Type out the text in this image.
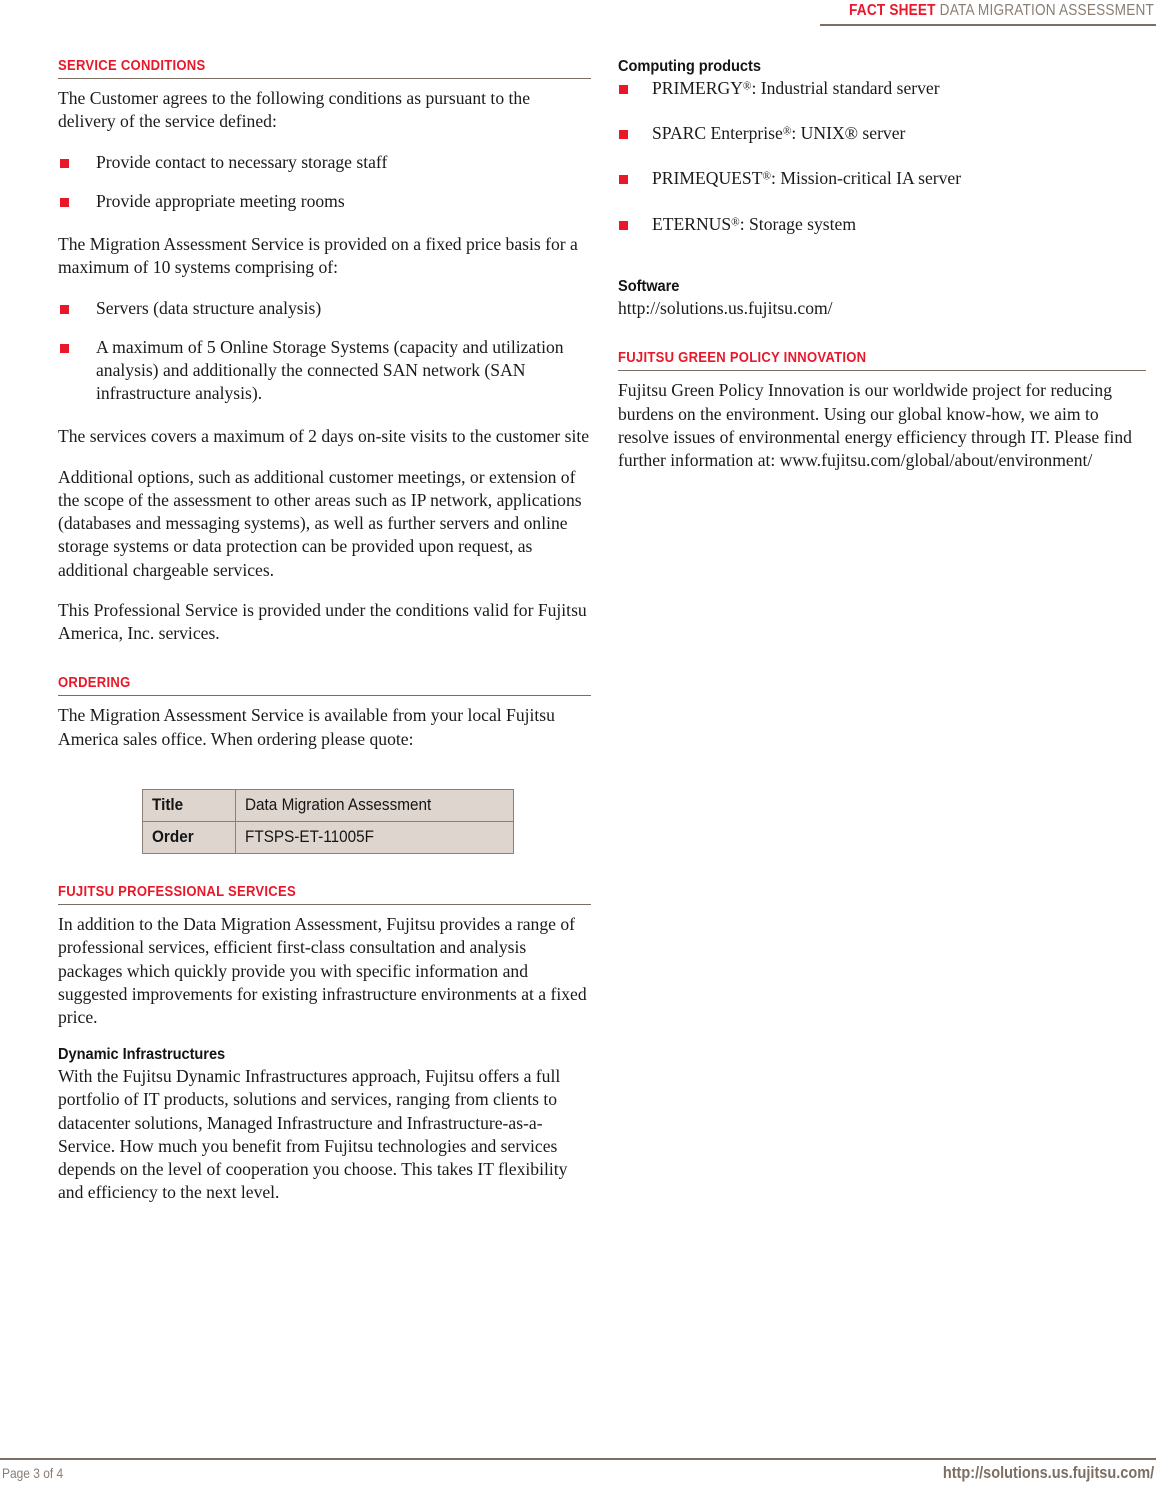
FACT SHEET DATA MIGRATION ASSESSMENT
SERVICE CONDITIONS

The Customer agrees to the following conditions as pursuant to the delivery of the service defined:

Provide contact to necessary storage staff
Provide appropriate meeting rooms

The Migration Assessment Service is provided on a fixed price basis for a maximum of 10 systems comprising of:

Servers (data structure analysis)
A maximum of 5 Online Storage Systems (capacity and utilization analysis) and additionally the connected SAN network (SAN infrastructure analysis).

The services covers a maximum of 2 days on-site visits to the customer site

Additional options, such as additional customer meetings, or extension of the scope of the assessment to other areas such as IP network, applications (databases and messaging systems), as well as further servers and online storage systems or data protection can be provided upon request, as additional chargeable services.

This Professional Service is provided under the conditions valid for Fujitsu America, Inc. services.

ORDERING

The Migration Assessment Service is available from your local Fujitsu America sales office. When ordering please quote:

Title	Data Migration Assessment
Order	FTSPS-ET-11005F
FUJITSU PROFESSIONAL SERVICES

In addition to the Data Migration Assessment, Fujitsu provides a range of professional services, efficient first-class consultation and analysis packages which quickly provide you with specific information and suggested improvements for existing infrastructure environments at a fixed price.

Dynamic Infrastructures

With the Fujitsu Dynamic Infrastructures approach, Fujitsu offers a full portfolio of IT products, solutions and services, ranging from clients to datacenter solutions, Managed Infrastructure and Infrastructure-as-a-Service. How much you benefit from Fujitsu technologies and services depends on the level of cooperation you choose. This takes IT flexibility and efficiency to the next level.

Computing products
PRIMERGY®: Industrial standard server
SPARC Enterprise®: UNIX® server
PRIMEQUEST®: Mission-critical IA server
ETERNUS®: Storage system
Software

http://solutions.us.fujitsu.com/

FUJITSU GREEN POLICY INNOVATION

Fujitsu Green Policy Innovation is our worldwide project for reducing burdens on the environment. Using our global know-how, we aim to resolve issues of environmental energy efficiency through IT. Please find further information at: www.fujitsu.com/global/about/environment/

Page 3 of 4	http://solutions.us.fujitsu.com/
